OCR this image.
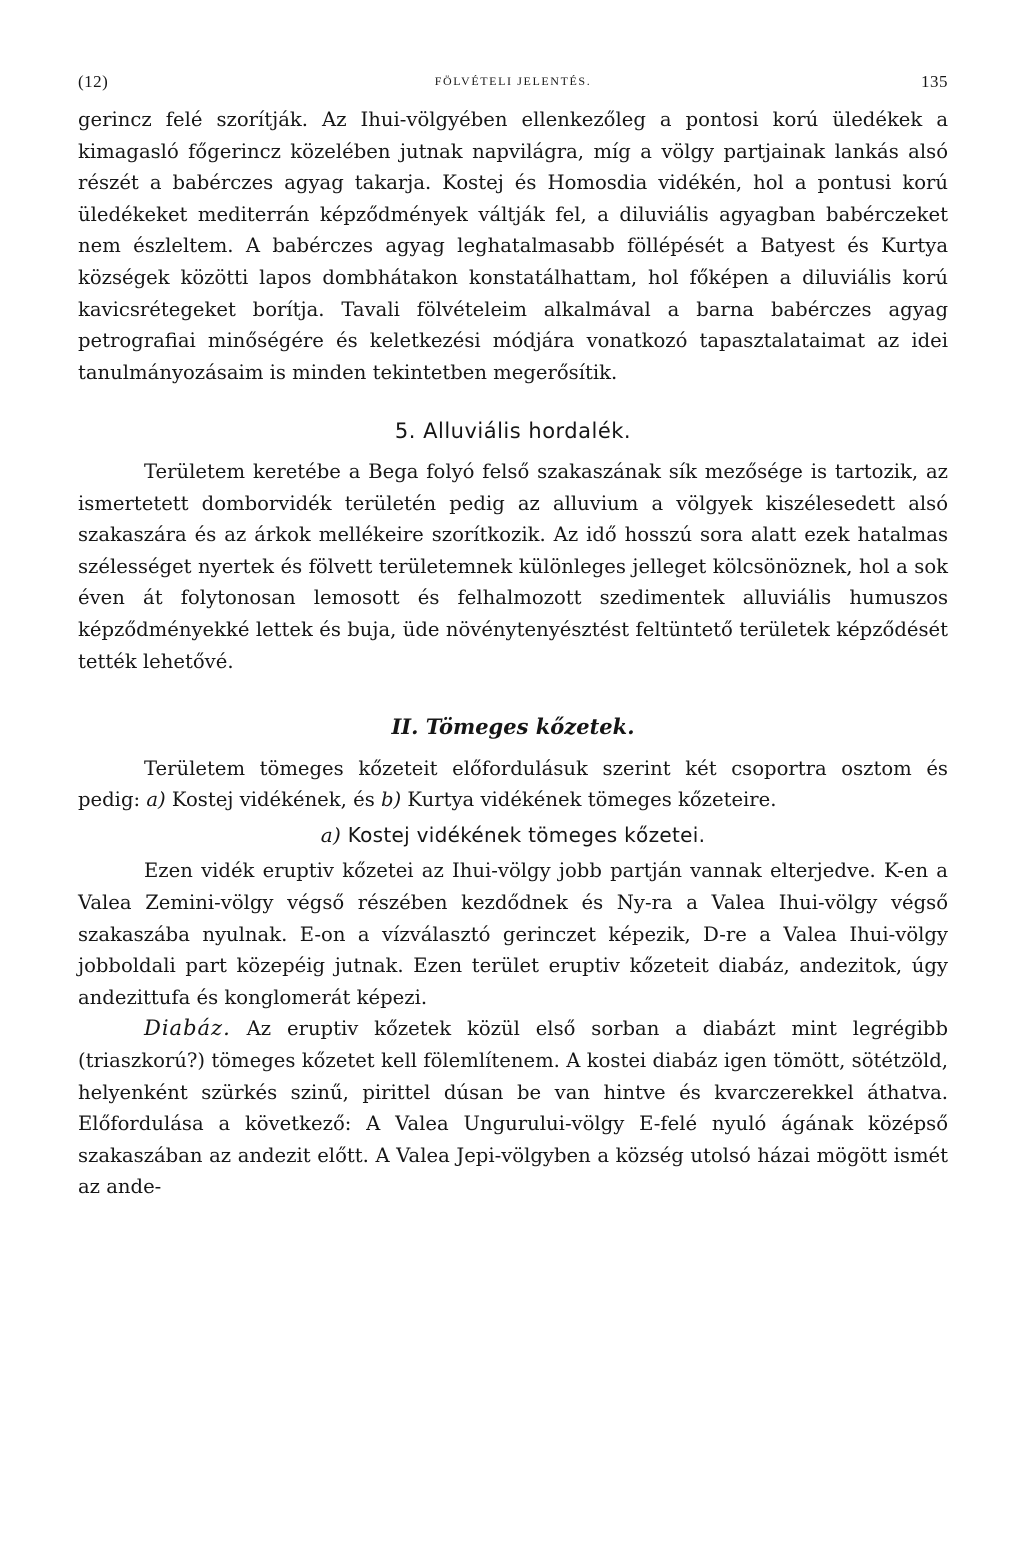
(12)	FÖLVÉTELI JELENTÉS.	135

gerincz felé szorítják. Az Ihui-völgyében ellenkezőleg a pontosi korú üledékek a kimagasló főgerincz közelében jutnak napvilágra, míg a völgy partjainak lankás alsó részét a babérczes agyag takarja. Kostej és Homosdia vidékén, hol a pontusi korú üledékeket mediterrán képződmények váltják fel, a diluviális agyagban babérczeket nem észleltem. A babérczes agyag leghatalmasabb föllépését a Batyest és Kurtya községek közötti lapos dombhátakon konstatálhattam, hol főképen a diluviális korú kavicsrétegeket borítja. Tavali fölvételeim alkalmával a barna babérczes agyag petrografiai minőségére és keletkezési módjára vonatkozó tapasztalataimat az idei tanulmányozásaim is minden tekintetben megerősítik.

5. Alluviális hordalék.

Területem keretébe a Bega folyó felső szakaszának sík mezősége is tartozik, az ismertetett domborvidék területén pedig az alluvium a völgyek kiszélesedett alsó szakaszára és az árkok mellékeire szorítkozik. Az idő hosszú sora alatt ezek hatalmas szélességet nyertek és fölvett területemnek különleges jelleget kölcsönöznek, hol a sok éven át folytonosan lemosott és felhalmozott szedimentek alluviális humuszos képződményekké lettek és buja, üde növénytenyésztést feltüntető területek képződését tették lehetővé.

II. Tömeges kőzetek.

Területem tömeges kőzeteit előfordulásuk szerint két csoportra osztom és pedig: a) Kostej vidékének, és b) Kurtya vidékének tömeges kőzeteire.

a) Kostej vidékének tömeges kőzetei.

Ezen vidék eruptiv kőzetei az Ihui-völgy jobb partján vannak elterjedve. K-en a Valea Zemini-völgy végső részében kezdődnek és Ny-ra a Valea Ihui-völgy végső szakaszába nyulnak. E-on a vízválasztó gerinczet képezik, D-re a Valea Ihui-völgy jobboldali part közepéig jutnak. Ezen terület eruptiv kőzeteit diabáz, andezitok, úgy andezittufa és konglomerát képezi.

Diabáz. Az eruptiv kőzetek közül első sorban a diabázt mint legrégibb (triaszkorú?) tömeges kőzetet kell fölemlítenem. A kostei diabáz igen tömött, sötétzöld, helyenként szürkés szinű, pirittel dúsan be van hintve és kvarczerekkel áthatva. Előfordulása a következő: A Valea Ungurului-völgy E-felé nyuló ágának középső szakaszában az andezit előtt. A Valea Jepi-völgyben a község utolsó házai mögött ismét az ande-
